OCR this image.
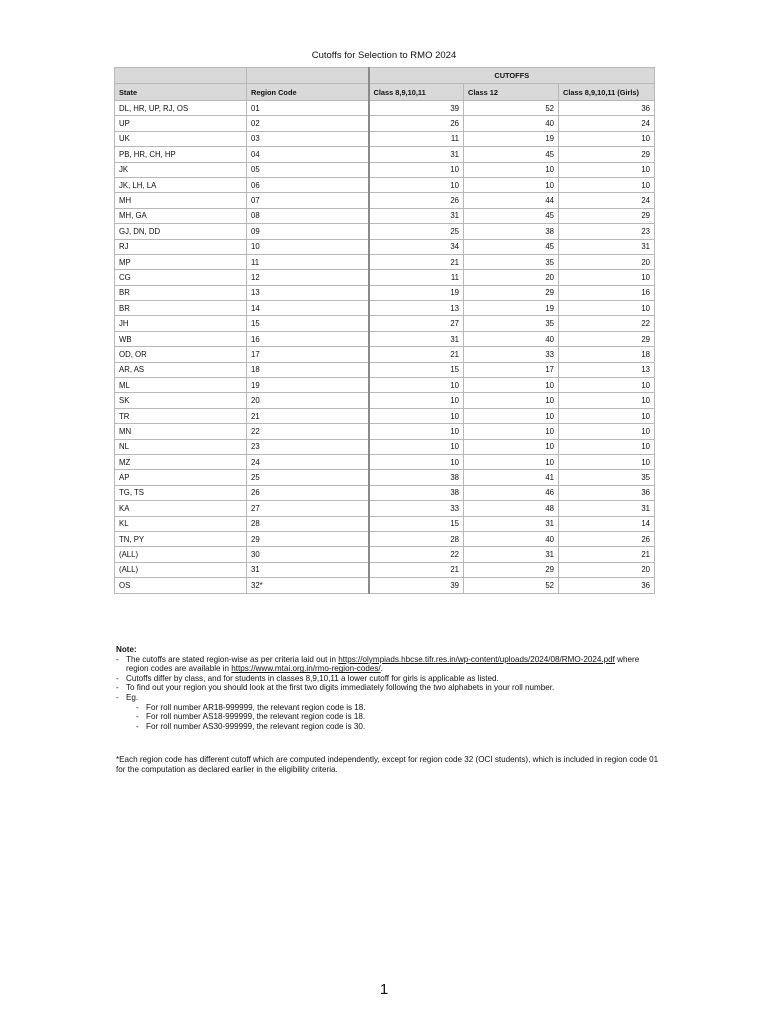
Cutoffs for Selection to RMO 2024
		CUTOFFS		
State	Region Code	Class 8,9,10,11	Class 12	Class 8,9,10,11 (Girls)
DL, HR, UP, RJ, OS	01	39	52	36
UP	02	26	40	24
UK	03	11	19	10
PB, HR, CH, HP	04	31	45	29
JK	05	10	10	10
JK, LH, LA	06	10	10	10
MH	07	26	44	24
MH, GA	08	31	45	29
GJ, DN, DD	09	25	38	23
RJ	10	34	45	31
MP	11	21	35	20
CG	12	11	20	10
BR	13	19	29	16
BR	14	13	19	10
JH	15	27	35	22
WB	16	31	40	29
OD, OR	17	21	33	18
AR, AS	18	15	17	13
ML	19	10	10	10
SK	20	10	10	10
TR	21	10	10	10
MN	22	10	10	10
NL	23	10	10	10
MZ	24	10	10	10
AP	25	38	41	35
TG, TS	26	38	46	36
KA	27	33	48	31
KL	28	15	31	14
TN, PY	29	28	40	26
(ALL)	30	22	31	21
(ALL)	31	21	29	20
OS	32*	39	52	36
Note:
- The cutoffs are stated region-wise as per criteria laid out in https://olympiads.hbcse.tifr.res.in/wp-content/uploads/2024/08/RMO-2024.pdf where region codes are available in https://www.mtai.org.in/rmo-region-codes/.
- Cutoffs differ by class, and for students in classes 8,9,10,11 a lower cutoff for girls is applicable as listed.
- To find out your region you should look at the first two digits immediately following the two alphabets in your roll number.
- Eg.
- For roll number AR18-999999, the relevant region code is 18.
- For roll number AS18-999999, the relevant region code is 18.
- For roll number AS30-999999, the relevant region code is 30.
*Each region code has different cutoff which are computed independently, except for region code 32 (OCI students), which is included in region code 01 for the computation as declared earlier in the eligibility criteria.
1
